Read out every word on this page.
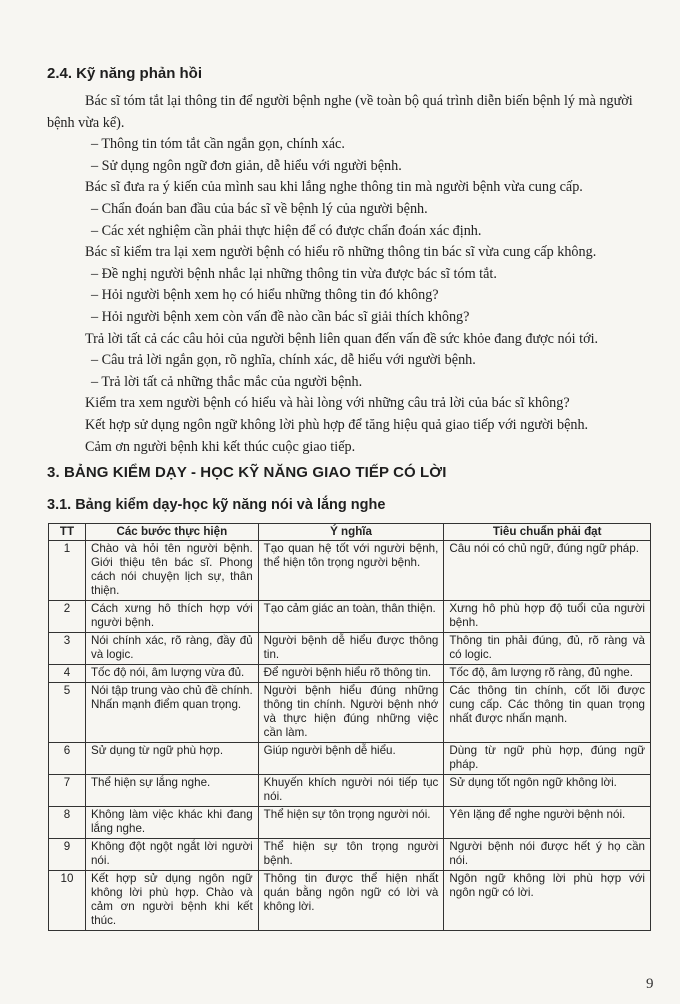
2.4. Kỹ năng phản hồi

Bác sĩ tóm tắt lại thông tin để người bệnh nghe (về toàn bộ quá trình diễn biến bệnh lý mà người bệnh vừa kể).

– Thông tin tóm tắt cần ngắn gọn, chính xác.

– Sử dụng ngôn ngữ đơn giản, dễ hiểu với người bệnh.

Bác sĩ đưa ra ý kiến của mình sau khi lắng nghe thông tin mà người bệnh vừa cung cấp.

– Chẩn đoán ban đầu của bác sĩ về bệnh lý của người bệnh.

– Các xét nghiệm cần phải thực hiện để có được chẩn đoán xác định.

Bác sĩ kiểm tra lại xem người bệnh có hiểu rõ những thông tin bác sĩ vừa cung cấp không.

– Đề nghị người bệnh nhắc lại những thông tin vừa được bác sĩ tóm tắt.

– Hỏi người bệnh xem họ có hiểu những thông tin đó không?

– Hỏi người bệnh xem còn vấn đề nào cần bác sĩ giải thích không?

Trả lời tất cả các câu hỏi của người bệnh liên quan đến vấn đề sức khỏe đang được nói tới.

– Câu trả lời ngắn gọn, rõ nghĩa, chính xác, dễ hiểu với người bệnh.

– Trả lời tất cả những thắc mắc của người bệnh.

Kiểm tra xem người bệnh có hiểu và hài lòng với những câu trả lời của bác sĩ không?

Kết hợp sử dụng ngôn ngữ không lời phù hợp để tăng hiệu quả giao tiếp với người bệnh.

Cảm ơn người bệnh khi kết thúc cuộc giao tiếp.

3. BẢNG KIỂM DẠY - HỌC KỸ NĂNG GIAO TIẾP CÓ LỜI
3.1. Bảng kiểm dạy-học kỹ năng nói và lắng nghe
TT	Các bước thực hiện	Ý nghĩa	Tiêu chuẩn phải đạt
1	Chào và hỏi tên người bệnh. Giới thiệu tên bác sĩ. Phong cách nói chuyện lịch sự, thân thiện.	Tạo quan hệ tốt với người bệnh, thể hiện tôn trọng người bệnh.	Câu nói có chủ ngữ, đúng ngữ pháp.
2	Cách xưng hô thích hợp với người bệnh.	Tạo cảm giác an toàn, thân thiện.	Xưng hô phù hợp độ tuổi của người bệnh.
3	Nói chính xác, rõ ràng, đầy đủ và logic.	Người bệnh dễ hiểu được thông tin.	Thông tin phải đúng, đủ, rõ ràng và có logic.
4	Tốc độ nói, âm lượng vừa đủ.	Để người bệnh hiểu rõ thông tin.	Tốc độ, âm lượng rõ ràng, đủ nghe.
5	Nói tập trung vào chủ đề chính. Nhấn mạnh điểm quan trọng.	Người bệnh hiểu đúng những thông tin chính. Người bệnh nhớ và thực hiện đúng những việc cần làm.	Các thông tin chính, cốt lõi được cung cấp. Các thông tin quan trọng nhất được nhấn mạnh.
6	Sử dụng từ ngữ phù hợp.	Giúp người bệnh dễ hiểu.	Dùng từ ngữ phù hợp, đúng ngữ pháp.
7	Thể hiện sự lắng nghe.	Khuyến khích người nói tiếp tục nói.	Sử dụng tốt ngôn ngữ không lời.
8	Không làm việc khác khi đang lắng nghe.	Thể hiện sự tôn trọng người nói.	Yên lặng để nghe người bệnh nói.
9	Không đột ngột ngắt lời người nói.	Thể hiện sự tôn trọng người bệnh.	Người bệnh nói được hết ý họ cần nói.
10	Kết hợp sử dụng ngôn ngữ không lời phù hợp. Chào và cảm ơn người bệnh khi kết thúc.	Thông tin được thể hiện nhất quán bằng ngôn ngữ có lời và không lời.	Ngôn ngữ không lời phù hợp với ngôn ngữ có lời.
9
